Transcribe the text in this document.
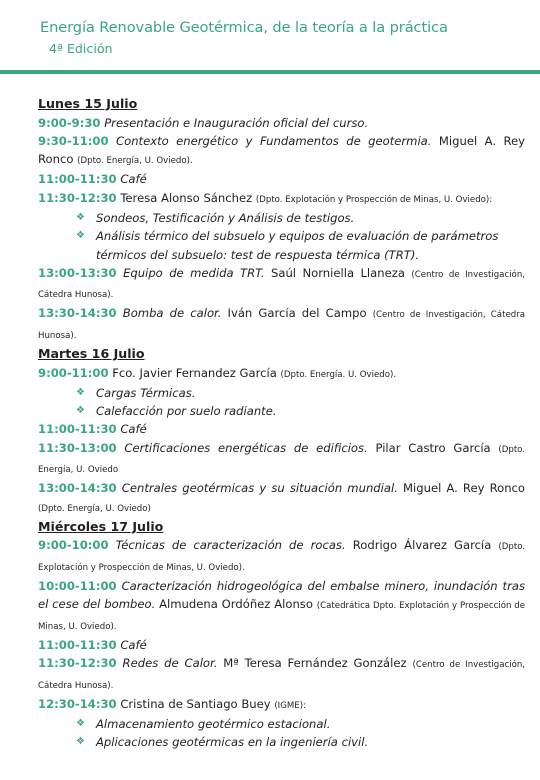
Energía Renovable Geotérmica, de la teoría a la práctica
4ª Edición
Lunes 15 Julio
9:00-9:30 Presentación e Inauguración oficial del curso.
9:30-11:00 Contexto energético y Fundamentos de geotermia. Miguel A. Rey Ronco (Dpto. Energía, U. Oviedo).
11:00-11:30 Café
11:30-12:30 Teresa Alonso Sánchez (Dpto. Explotación y Prospección de Minas, U. Oviedo):
❖ Sondeos, Testificación y Análisis de testigos.
❖ Análisis térmico del subsuelo y equipos de evaluación de parámetros térmicos del subsuelo: test de respuesta térmica (TRT).
13:00-13:30 Equipo de medida TRT. Saúl Norniella Llaneza (Centro de Investigación, Cátedra Hunosa).
13:30-14:30 Bomba de calor. Iván García del Campo (Centro de Investigación, Cátedra Hunosa).
Martes 16 Julio
9:00-11:00 Fco. Javier Fernandez García (Dpto. Energía. U. Oviedo).
❖ Cargas Térmicas.
❖ Calefacción por suelo radiante.
11:00-11:30 Café
11:30-13:00 Certificaciones energéticas de edificios. Pilar Castro García (Dpto. Energía, U. Oviedo
13:00-14:30 Centrales geotérmicas y su situación mundial. Miguel A. Rey Ronco (Dpto. Energía, U. Oviedo)
Miércoles 17 Julio
9:00-10:00 Técnicas de caracterización de rocas. Rodrigo Álvarez García (Dpto. Explotación y Prospección de Minas, U. Oviedo).
10:00-11:00 Caracterización hidrogeológica del embalse minero, inundación tras el cese del bombeo. Almudena Ordóñez Alonso (Catedrática Dpto. Explotación y Prospección de Minas, U. Oviedo).
11:00-11:30 Café
11:30-12:30 Redes de Calor. Mª Teresa Fernández González (Centro de Investigación, Cátedra Hunosa).
12:30-14:30 Cristina de Santiago Buey (IGME):
❖ Almacenamiento geotérmico estacional.
❖ Aplicaciones geotérmicas en la ingeniería civil.
